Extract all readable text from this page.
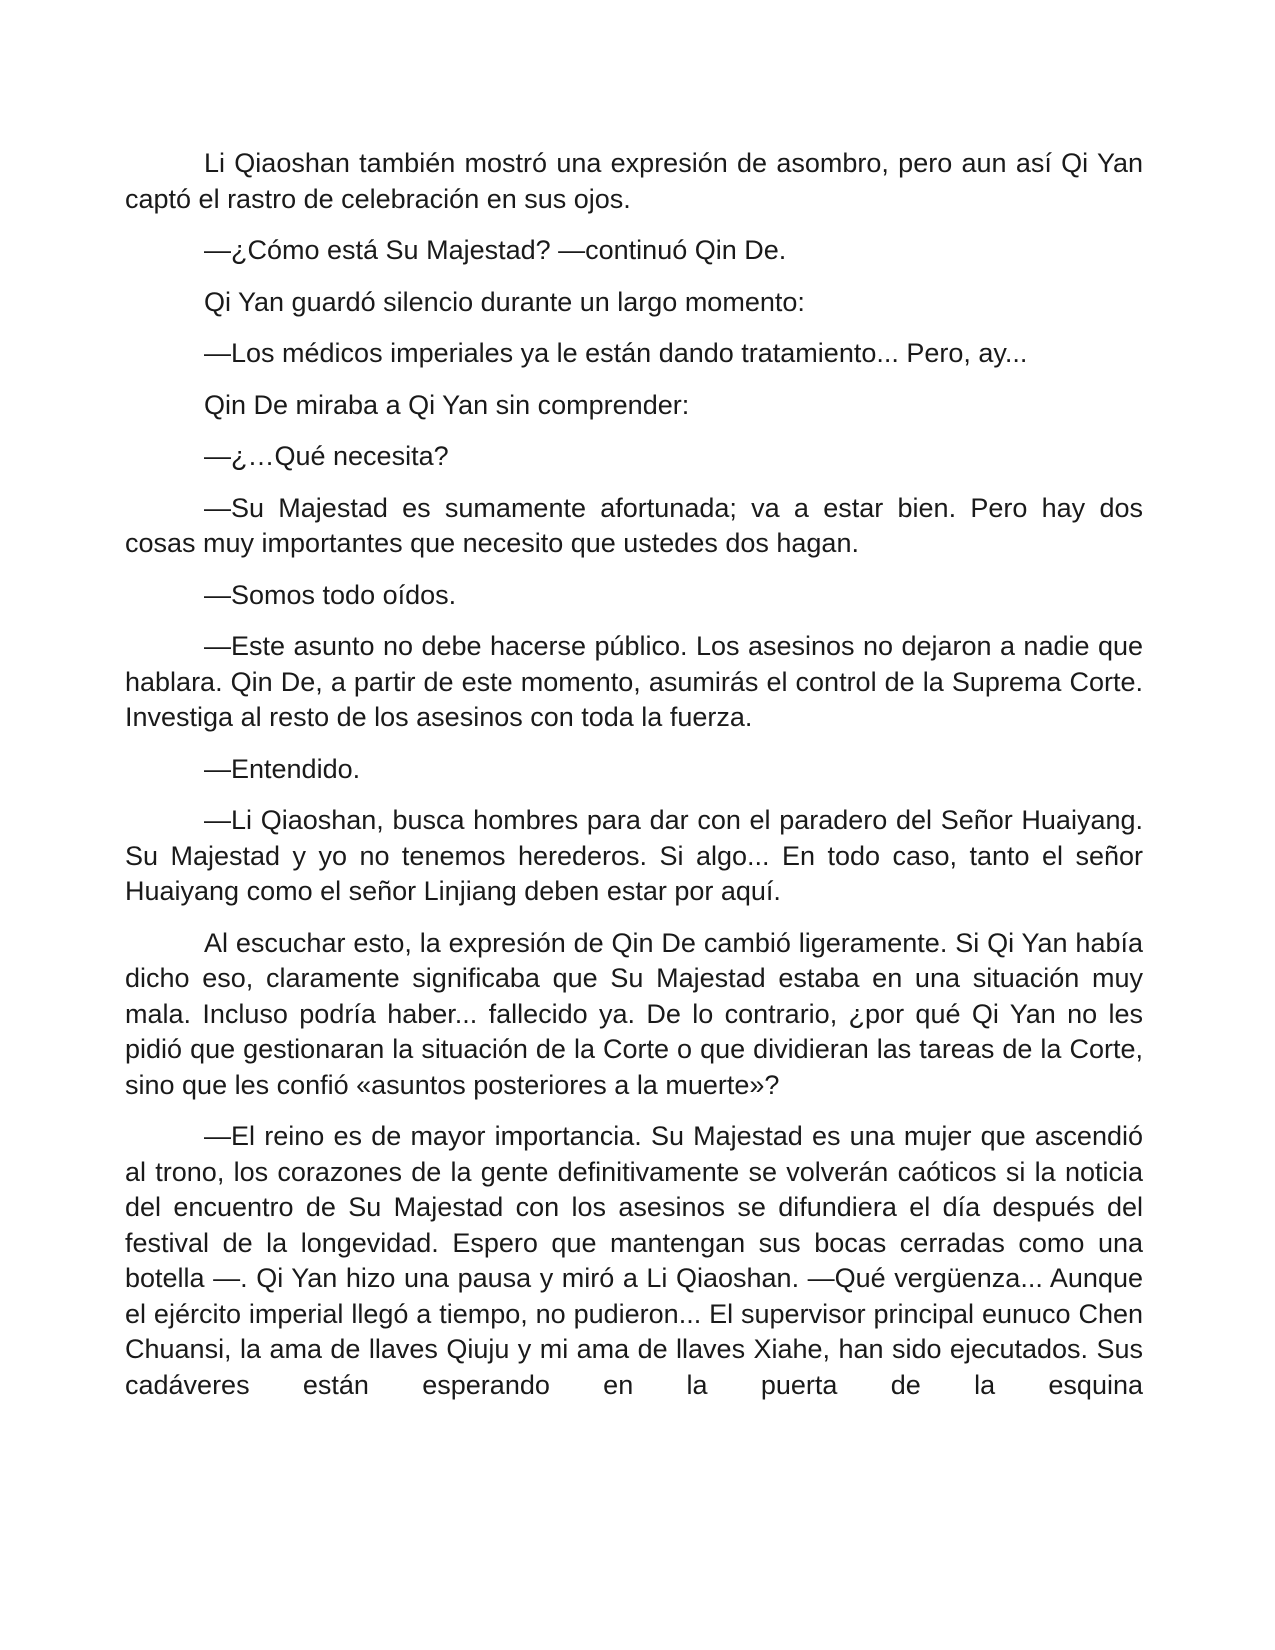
Li Qiaoshan también mostró una expresión de asombro, pero aun así Qi Yan captó el rastro de celebración en sus ojos.

—¿Cómo está Su Majestad? —continuó Qin De.

Qi Yan guardó silencio durante un largo momento:

—Los médicos imperiales ya le están dando tratamiento... Pero, ay...

Qin De miraba a Qi Yan sin comprender:

—¿…Qué necesita?

—Su Majestad es sumamente afortunada; va a estar bien. Pero hay dos cosas muy importantes que necesito que ustedes dos hagan.

—Somos todo oídos.

—Este asunto no debe hacerse público. Los asesinos no dejaron a nadie que hablara. Qin De, a partir de este momento, asumirás el control de la Suprema Corte. Investiga al resto de los asesinos con toda la fuerza.

—Entendido.

—Li Qiaoshan, busca hombres para dar con el paradero del Señor Huaiyang. Su Majestad y yo no tenemos herederos. Si algo... En todo caso, tanto el señor Huaiyang como el señor Linjiang deben estar por aquí.

Al escuchar esto, la expresión de Qin De cambió ligeramente. Si Qi Yan había dicho eso, claramente significaba que Su Majestad estaba en una situación muy mala. Incluso podría haber... fallecido ya. De lo contrario, ¿por qué Qi Yan no les pidió que gestionaran la situación de la Corte o que dividieran las tareas de la Corte, sino que les confió «asuntos posteriores a la muerte»?

—El reino es de mayor importancia. Su Majestad es una mujer que ascendió al trono, los corazones de la gente definitivamente se volverán caóticos si la noticia del encuentro de Su Majestad con los asesinos se difundiera el día después del festival de la longevidad. Espero que mantengan sus bocas cerradas como una botella —. Qi Yan hizo una pausa y miró a Li Qiaoshan. —Qué vergüenza... Aunque el ejército imperial llegó a tiempo, no pudieron... El supervisor principal eunuco Chen Chuansi, la ama de llaves Qiuju y mi ama de llaves Xiahe, han sido ejecutados. Sus cadáveres están esperando en la puerta de la esquina
